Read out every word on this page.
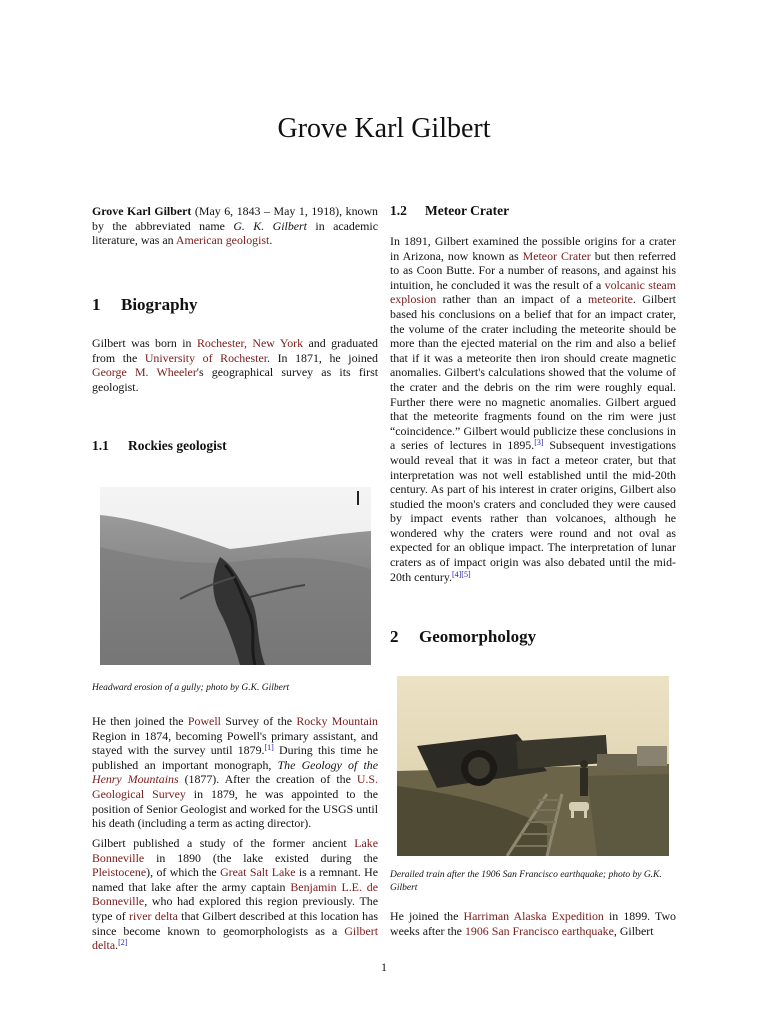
Grove Karl Gilbert

Grove Karl Gilbert (May 6, 1843 – May 1, 1918), known by the abbreviated name G. K. Gilbert in academic literature, was an American geologist.

1 Biography

Gilbert was born in Rochester, New York and graduated from the University of Rochester. In 1871, he joined George M. Wheeler's geographical survey as its first geologist.

1.1 Rockies geologist

Headward erosion of a gully; photo by G.K. Gilbert

He then joined the Powell Survey of the Rocky Mountain Region in 1874, becoming Powell's primary assistant, and stayed with the survey until 1879.[1] During this time he published an important monograph, The Geology of the Henry Mountains (1877). After the creation of the U.S. Geological Survey in 1879, he was appointed to the position of Senior Geologist and worked for the USGS until his death (including a term as acting director).

Gilbert published a study of the former ancient Lake Bonneville in 1890 (the lake existed during the Pleistocene), of which the Great Salt Lake is a remnant. He named that lake after the army captain Benjamin L.E. de Bonneville, who had explored this region previously. The type of river delta that Gilbert described at this location has since become known to geomorphologists as a Gilbert delta.[2]

1.2 Meteor Crater

In 1891, Gilbert examined the possible origins for a crater in Arizona, now known as Meteor Crater but then referred to as Coon Butte. For a number of reasons, and against his intuition, he concluded it was the result of a volcanic steam explosion rather than an impact of a meteorite. Gilbert based his conclusions on a belief that for an impact crater, the volume of the crater including the meteorite should be more than the ejected material on the rim and also a belief that if it was a meteorite then iron should create magnetic anomalies. Gilbert's calculations showed that the volume of the crater and the debris on the rim were roughly equal. Further there were no magnetic anomalies. Gilbert argued that the meteorite fragments found on the rim were just “coincidence.” Gilbert would publicize these conclusions in a series of lectures in 1895.[3] Subsequent investigations would reveal that it was in fact a meteor crater, but that interpretation was not well established until the mid-20th century. As part of his interest in crater origins, Gilbert also studied the moon's craters and concluded they were caused by impact events rather than volcanoes, although he wondered why the craters were round and not oval as expected for an oblique impact. The interpretation of lunar craters as of impact origin was also debated until the mid-20th century.[4][5]

2 Geomorphology

Derailed train after the 1906 San Francisco earthquake; photo by G.K. Gilbert

He joined the Harriman Alaska Expedition in 1899. Two weeks after the 1906 San Francisco earthquake, Gilbert

1
